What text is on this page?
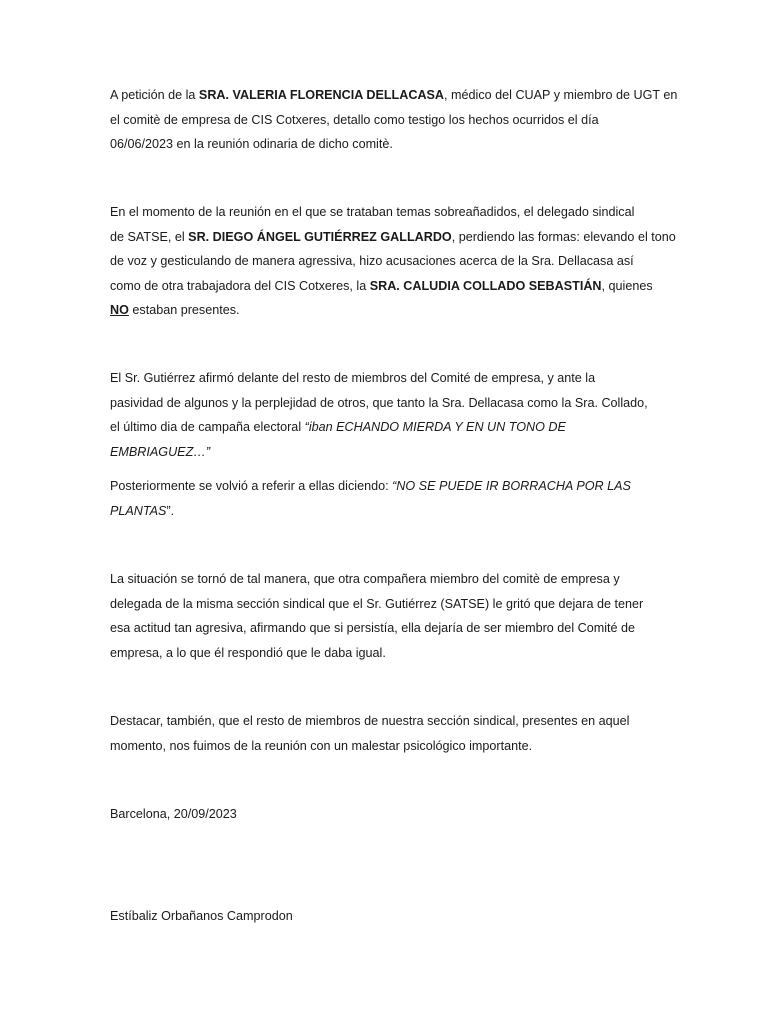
A petición de la SRA. VALERIA FLORENCIA DELLACASA, médico del CUAP y miembro de UGT en
el comitè de empresa de CIS Cotxeres, detallo como testigo los hechos ocurridos el día
06/06/2023 en la reunión odinaria de dicho comitè.

En el momento de la reunión en el que se trataban temas sobreañadidos, el delegado sindical
de SATSE, el SR. DIEGO ÁNGEL GUTIÉRREZ GALLARDO, perdiendo las formas: elevando el tono
de voz y gesticulando de manera agressiva, hizo acusaciones acerca de la Sra. Dellacasa así
como de otra trabajadora del CIS Cotxeres, la SRA. CALUDIA COLLADO SEBASTIÁN, quienes
NO estaban presentes.

El Sr. Gutiérrez afirmó delante del resto de miembros del Comité de empresa, y ante la
pasividad de algunos y la perplejidad de otros, que tanto la Sra. Dellacasa como la Sra. Collado,
el último dia de campaña electoral “iban ECHANDO MIERDA Y EN UN TONO DE
EMBRIAGUEZ…”

Posteriormente se volvió a referir a ellas diciendo: “NO SE PUEDE IR BORRACHA POR LAS
PLANTAS”.

La situación se tornó de tal manera, que otra compañera miembro del comitè de empresa y
delegada de la misma sección sindical que el Sr. Gutiérrez (SATSE) le gritó que dejara de tener
esa actitud tan agresiva, afirmando que si persistía, ella dejaría de ser miembro del Comité de
empresa, a lo que él respondió que le daba igual.

Destacar, también, que el resto de miembros de nuestra sección sindical, presentes en aquel
momento, nos fuimos de la reunión con un malestar psicológico importante.

Barcelona, 20/09/2023

Estíbaliz Orbañanos Camprodon
